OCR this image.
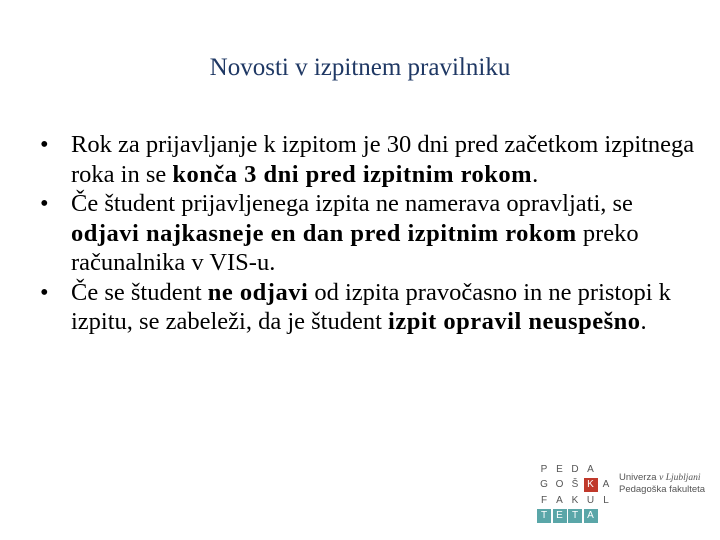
Novosti v izpitnem pravilniku
• Rok za prijavljanje k izpitom je 30 dni pred začetkom izpitnega roka in se konča 3 dni pred izpitnim rokom.
• Če študent prijavljenega izpita ne namerava opravljati, se odjavi najkasneje en dan pred izpitnim rokom preko računalnika v VIS-u.
• Če se študent ne odjavi od izpita pravočasno in ne pristopi k izpitu, se zabeleži, da je študent izpit opravil neuspešno.
P E D A
G O Š K
F A K U
T E T A
A
L
Univerza v Ljubljani
Pedagoška fakulteta
